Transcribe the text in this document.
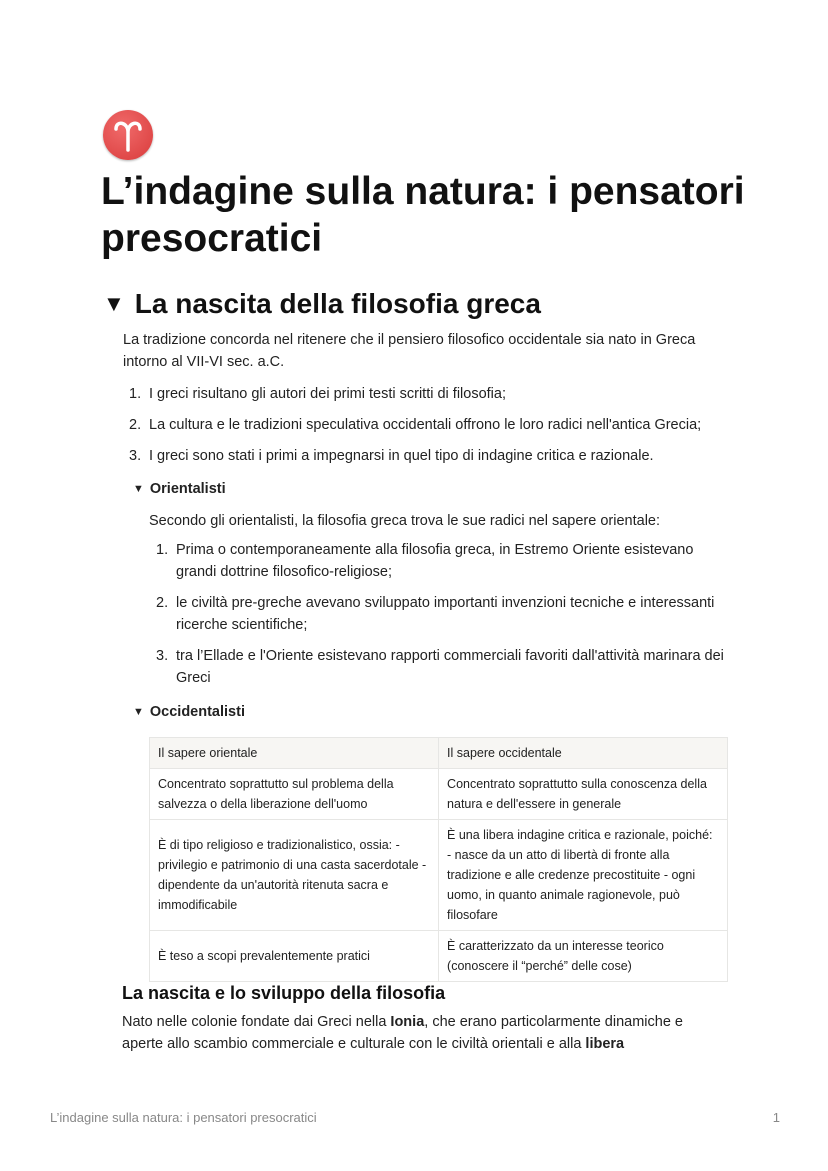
L’indagine sulla natura: i pensatori presocratici
▼ La nascita della filosofia greca
La tradizione concorda nel ritenere che il pensiero filosofico occidentale sia nato in Greca intorno al VII-VI sec. a.C.
1. I greci risultano gli autori dei primi testi scritti di filosofia;
2. La cultura e le tradizioni speculativa occidentali offrono le loro radici nell'antica Grecia;
3. I greci sono stati i primi a impegnarsi in quel tipo di indagine critica e razionale.
▼ Orientalisti
Secondo gli orientalisti, la filosofia greca trova le sue radici nel sapere orientale:
1. Prima o contemporaneamente alla filosofia greca, in Estremo Oriente esistevano grandi dottrine filosofico-religiose;
2. le civiltà pre-greche avevano sviluppato importanti invenzioni tecniche e interessanti ricerche scientifiche;
3. tra l’Ellade e l'Oriente esistevano rapporti commerciali favoriti dall'attività marinara dei Greci
▼ Occidentalisti
Il sapere orientale	Il sapere occidentale
Concentrato soprattutto sul problema della salvezza o della liberazione dell'uomo	Concentrato soprattutto sulla conoscenza della natura e dell'essere in generale
È di tipo religioso e tradizionalistico, ossia: - privilegio e patrimonio di una casta sacerdotale - dipendente da un'autorità ritenuta sacra e immodificabile	È una libera indagine critica e razionale, poiché: - nasce da un atto di libertà di fronte alla tradizione e alle credenze precostituite - ogni uomo, in quanto animale ragionevole, può filosofare
È teso a scopi prevalentemente pratici	È caratterizzato da un interesse teorico (conoscere il “perché” delle cose)
La nascita e lo sviluppo della filosofia
Nato nelle colonie fondate dai Greci nella Ionia, che erano particolarmente dinamiche e aperte allo scambio commerciale e culturale con le civiltà orientali e alla libera
L’indagine sulla natura: i pensatori presocratici	1
